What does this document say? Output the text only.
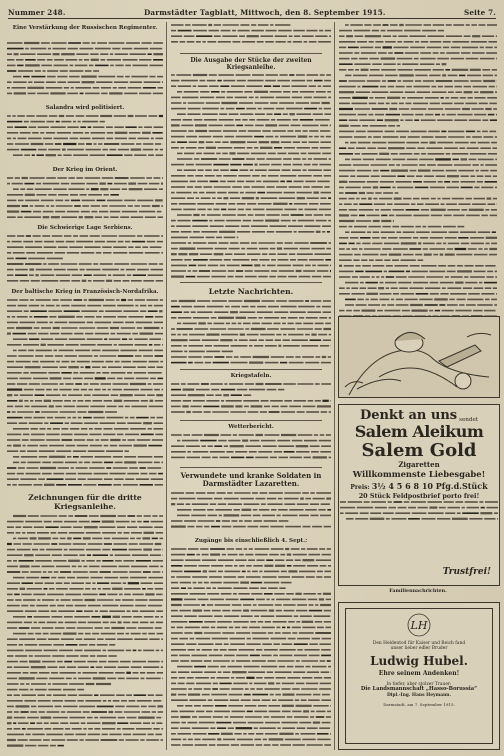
Nummer 248.	Darmstädter Tagblatt, Mittwoch, den 8. September 1915.	Seite 7.
Eine Verstärkung der Russischen Regimenter.
Salandra wird politisiert.
Der Krieg im Orient.
Die Schwierige Lage Serbiens.
Der baltische Krieg in Französisch-Nordafrika.
Zeichnungen für die dritte Kriegsanleihe.
Die Ausgabe der Stücke der zweiten Kriegsanleihe.
Letzte Nachrichten.
Kriegstafeln.
Wetterbericht.
Verwundete und kranke Soldaten in Darmstädter Lazaretten.
Zugänge bis einschließlich 4. Sept.:
Denkt an uns sendet
Salem Aleikum
Salem Gold
Zigaretten
Willkommenste Liebesgabe!
Preis: 3½ 4 5 6 8 10 Pfg.d.Stück
20 Stück Feldpostbrief porto frei!
Trustfrei!
Familiennachrichten.
LH
Den Heldentod für Kaiser und Reich fand
unser lieber edler Bruder
Ludwig Hubel.
Ehre seinem Andenken!
In tiefer, aber stolzer Trauer:
Die Landsmannschaft „Hasso-Borussia“
Dipl.-Ing. Hans Heymann.
Darmstadt, am 7. September 1915.
